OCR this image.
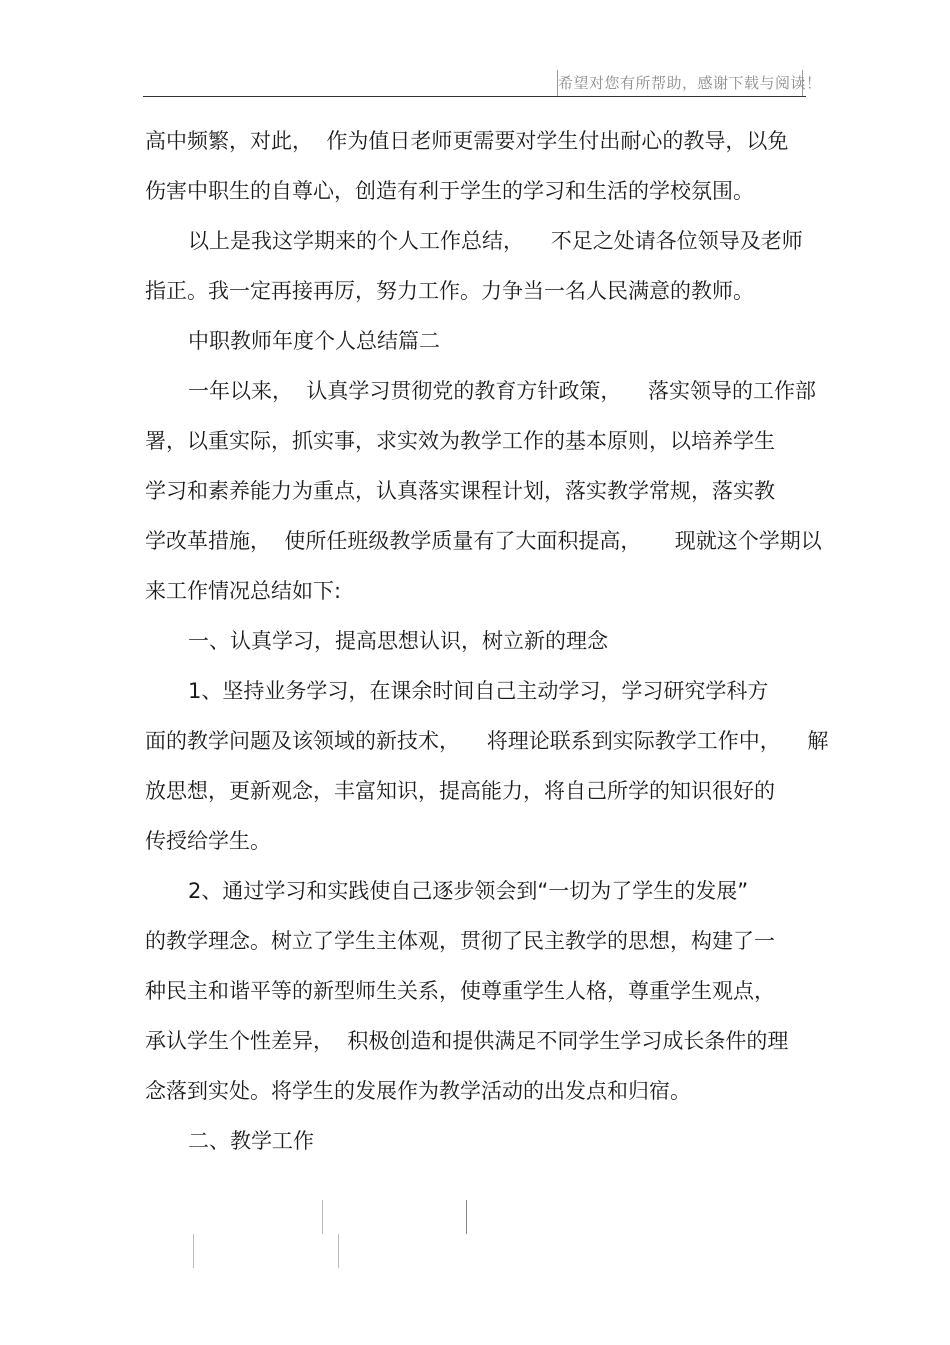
希望对您有所帮助，感谢下载与阅读！
高中频繁，对此，  作为值日老师更需要对学生付出耐心的教导，以免
伤害中职生的自尊心，创造有利于学生的学习和生活的学校氛围。
以上是我这学期来的个人工作总结，    不足之处请各位领导及老师
指正。我一定再接再厉，努力工作。力争当一名人民满意的教师。
中职教师年度个人总结篇二
一年以来，  认真学习贯彻党的教育方针政策，    落实领导的工作部
署，以重实际，抓实事，求实效为教学工作的基本原则，以培养学生
学习和素养能力为重点，认真落实课程计划，落实教学常规，落实教
学改革措施，  使所任班级教学质量有了大面积提高，     现就这个学期以
来工作情况总结如下:
一、认真学习，提高思想认识，树立新的理念
1、坚持业务学习，在课余时间自己主动学习，学习研究学科方
面的教学问题及该领域的新技术，    将理论联系到实际教学工作中，    解
放思想，更新观念，丰富知识，提高能力，将自己所学的知识很好的
传授给学生。
2、通过学习和实践使自己逐步领会到“一切为了学生的发展”
的教学理念。树立了学生主体观，贯彻了民主教学的思想，构建了一
种民主和谐平等的新型师生关系，使尊重学生人格，尊重学生观点，
承认学生个性差异，  积极创造和提供满足不同学生学习成长条件的理
念落到实处。将学生的发展作为教学活动的出发点和归宿。
二、教学工作
